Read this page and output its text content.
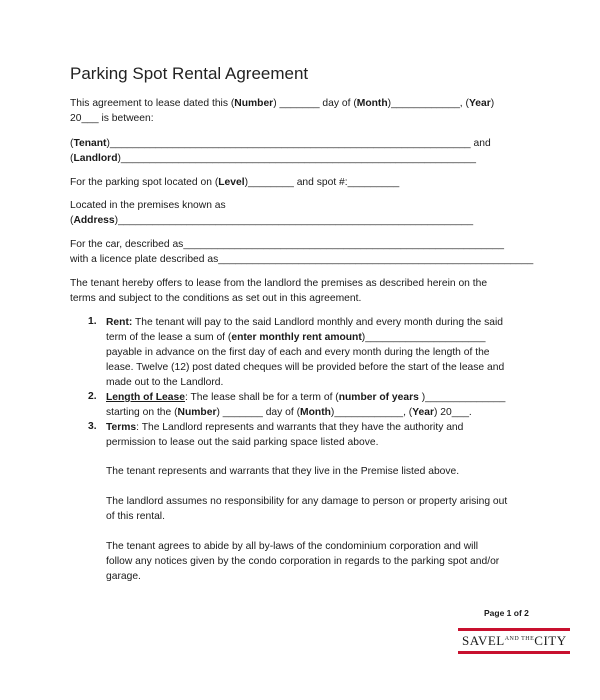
Parking Spot Rental Agreement
This agreement to lease dated this (Number) _______ day of (Month)____________, (Year)
20___ is between:
(Tenant)_______________________________________________________________ and
(Landlord)______________________________________________________________
For the parking spot located on (Level)________ and spot #:_________
Located in the premises known as
(Address)______________________________________________________________
For the car, described as________________________________________________________
with a licence plate described as_______________________________________________________
The tenant hereby offers to lease from the landlord the premises as described herein on the
terms and subject to the conditions as set out in this agreement.
1. Rent: The tenant will pay to the said Landlord monthly and every month during the said
term of the lease a sum of (enter monthly rent amount)_____________________
payable in advance on the first day of each and every month during the length of the
lease. Twelve (12) post dated cheques will be provided before the start of the lease and
made out to the Landlord.
2. Length of Lease: The lease shall be for a term of (number of years )______________
starting on the (Number) _______ day of (Month)____________, (Year) 20___.
3. Terms: The Landlord represents and warrants that they have the authority and
permission to lease out the said parking space listed above.
The tenant represents and warrants that they live in the Premise listed above.
The landlord assumes no responsibility for any damage to person or property arising out
of this rental.
The tenant agrees to abide by all by-laws of the condominium corporation and will
follow any notices given by the condo corporation in regards to the parking spot and/or
garage.
Page 1 of 2
$SAVEL^{AND THE}CITY$
